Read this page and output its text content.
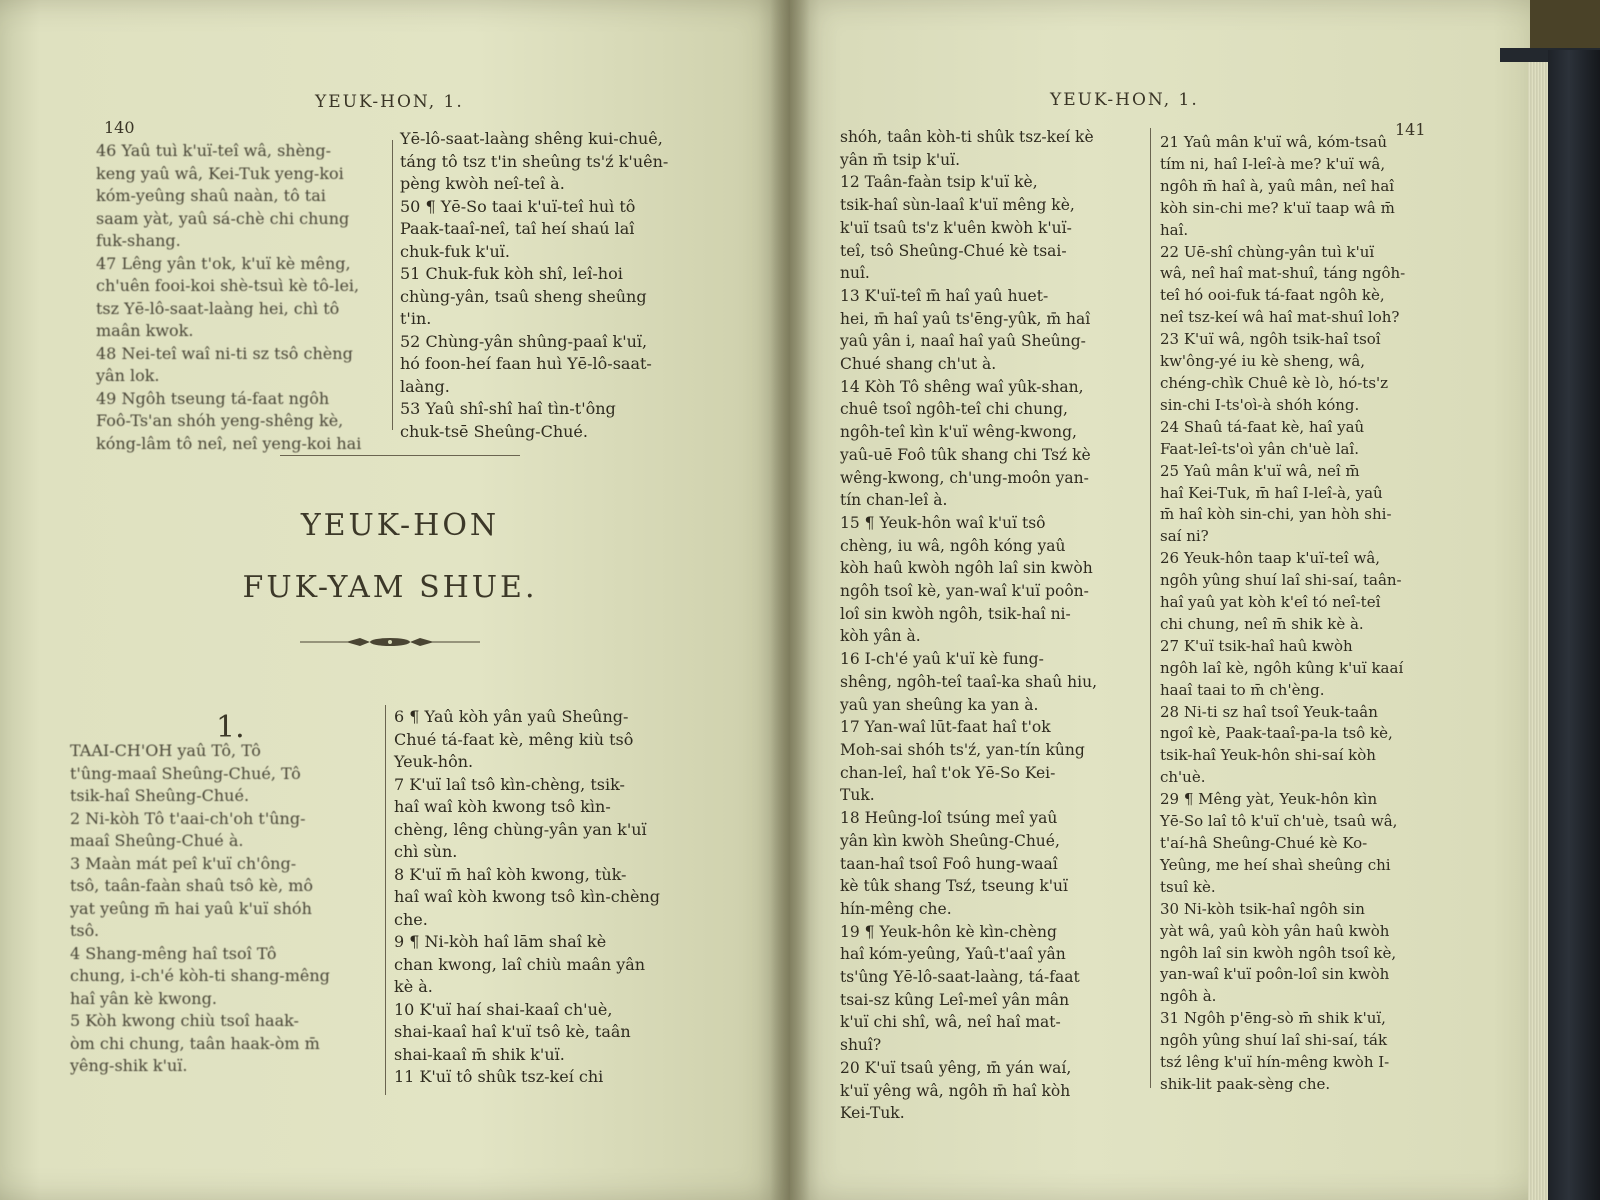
140
YEUK-HON, 1.

46 Yaû tuì k'uï-teî wâ, shèng-

keng yaû wâ, Kei-Tuk yeng-koi

kóm-yeûng shaû naàn, tô tai

saam yàt, yaû sá-chè chi chung

fuk-shang.

47 Lêng yân t'ok, k'uï kè mêng,

ch'uên fooi-koi shè-tsuì kè tô-lei,

tsz Yē-lô-saat-laàng hei, chì tô

maân kwok.

48 Nei-teî waî ni-ti sz tsô chèng

yân lok.

49 Ngôh tseung tá-faat ngôh

Foô-Ts'an shóh yeng-shêng kè,

kóng-lâm tô neî, neî yeng-koi hai

Yē-lô-saat-laàng shêng kui-chuê,

táng tô tsz t'in sheûng ts'ź k'uên-

pèng kwòh neî-teî à.

50 ¶ Yē-So taai k'uï-teî huì tô

Paak-taaî-neî, taî heí shaú laî

chuk-fuk k'uï.

51 Chuk-fuk kòh shî, leî-hoi

chùng-yân, tsaû sheng sheûng

t'in.

52 Chùng-yân shûng-paaî k'uï,

hó foon-heí faan huì Yē-lô-saat-

laàng.

53 Yaû shî-shî haî tìn-t'ông

chuk-tsē Sheûng-Chué.

YEUK-HON
FUK-YAM SHUE.
1.

TAAI-CH'OH yaû Tô, Tô

t'ûng-maaî Sheûng-Chué, Tô

tsik-haî Sheûng-Chué.

2 Ni-kòh Tô t'aai-ch'oh t'ûng-

maaî Sheûng-Chué à.

3 Maàn mát peî k'uï ch'ông-

tsô, taân-faàn shaû tsô kè, mô

yat yeûng m̄ hai yaû k'uï shóh

tsô.

4 Shang-mêng haî tsoî Tô

chung, i-ch'é kòh-ti shang-mêng

haî yân kè kwong.

5 Kòh kwong chiù tsoî haak-

òm chi chung, taân haak-òm m̄

yêng-shik k'uï.

6 ¶ Yaû kòh yân yaû Sheûng-

Chué tá-faat kè, mêng kiù tsô

Yeuk-hôn.

7 K'uï laî tsô kìn-chèng, tsik-

haî waî kòh kwong tsô kìn-

chèng, lêng chùng-yân yan k'uï

chì sùn.

8 K'uï m̄ haî kòh kwong, tùk-

haî waî kòh kwong tsô kìn-chèng

che.

9 ¶ Ni-kòh haî lām shaî kè

chan kwong, laî chiù maân yân

kè à.

10 K'uï haí shai-kaaî ch'uè,

shai-kaaî haî k'uï tsô kè, taân

shai-kaaî m̄ shik k'uï.

11 K'uï tô shûk tsz-keí chi

YEUK-HON, 1.
141

shóh, taân kòh-ti shûk tsz-keí kè

yân m̄ tsip k'uï.

12 Taân-faàn tsip k'uï kè,

tsik-haî sùn-laaî k'uï mêng kè,

k'uï tsaû ts'z k'uên kwòh k'uï-

teî, tsô Sheûng-Chué kè tsai-

nuî.

13 K'uï-teî m̄ haî yaû huet-

hei, m̄ haî yaû ts'ēng-yûk, m̄ haî

yaû yân i, naaî haî yaû Sheûng-

Chué shang ch'ut à.

14 Kòh Tô shêng waî yûk-shan,

chuê tsoî ngôh-teî chi chung,

ngôh-teî kìn k'uï wêng-kwong,

yaû-uē Foô tûk shang chi Tsź kè

wêng-kwong, ch'ung-moôn yan-

tín chan-leî à.

15 ¶ Yeuk-hôn waî k'uï tsô

chèng, iu wâ, ngôh kóng yaû

kòh haû kwòh ngôh laî sin kwòh

ngôh tsoî kè, yan-waî k'uï poôn-

loî sin kwòh ngôh, tsik-haî ni-

kòh yân à.

16 I-ch'é yaû k'uï kè fung-

shêng, ngôh-teî taaî-ka shaû hiu,

yaû yan sheûng ka yan à.

17 Yan-waî lūt-faat haî t'ok

Moh-sai shóh ts'ź, yan-tín kûng

chan-leî, haî t'ok Yē-So Kei-

Tuk.

18 Heûng-loî tsúng meî yaû

yân kìn kwòh Sheûng-Chué,

taan-haî tsoî Foô hung-waaî

kè tûk shang Tsź, tseung k'uï

hín-mêng che.

19 ¶ Yeuk-hôn kè kìn-chèng

haî kóm-yeûng, Yaû-t'aaî yân

ts'ûng Yē-lô-saat-laàng, tá-faat

tsai-sz kûng Leî-meî yân mân

k'uï chi shî, wâ, neî haî mat-

shuî?

20 K'uï tsaû yêng, m̄ yán waí,

k'uï yêng wâ, ngôh m̄ haî kòh

Kei-Tuk.

21 Yaû mân k'uï wâ, kóm-tsaû

tím ni, haî I-leî-à me? k'uï wâ,

ngôh m̄ haî à, yaû mân, neî haî

kòh sin-chi me? k'uï taap wâ m̄

haî.

22 Uē-shî chùng-yân tuì k'uï

wâ, neî haî mat-shuî, táng ngôh-

teî hó ooi-fuk tá-faat ngôh kè,

neî tsz-keí wâ haî mat-shuî loh?

23 K'uï wâ, ngôh tsik-haî tsoî

kw'ông-yé iu kè sheng, wâ,

chéng-chìk Chuê kè lò, hó-ts'z

sin-chi I-ts'oì-à shóh kóng.

24 Shaû tá-faat kè, haî yaû

Faat-leî-ts'oì yân ch'uè laî.

25 Yaû mân k'uï wâ, neî m̄

haî Kei-Tuk, m̄ haî I-leî-à, yaû

m̄ haî kòh sin-chi, yan hòh shi-

saí ni?

26 Yeuk-hôn taap k'uï-teî wâ,

ngôh yûng shuí laî shi-saí, taân-

haî yaû yat kòh k'eî tó neî-teî

chi chung, neî m̄ shik kè à.

27 K'uï tsik-haî haû kwòh

ngôh laî kè, ngôh kûng k'uï kaaí

haaî taai to m̄ ch'èng.

28 Ni-ti sz haî tsoî Yeuk-taân

ngoî kè, Paak-taaî-pa-la tsô kè,

tsik-haî Yeuk-hôn shi-saí kòh

ch'uè.

29 ¶ Mêng yàt, Yeuk-hôn kìn

Yē-So laî tô k'uï ch'uè, tsaû wâ,

t'aí-hâ Sheûng-Chué kè Ko-

Yeûng, me heí shaì sheûng chi

tsuî kè.

30 Ni-kòh tsik-haî ngôh sin

yàt wâ, yaû kòh yân haû kwòh

ngôh laî sin kwòh ngôh tsoî kè,

yan-waî k'uï poôn-loî sin kwòh

ngôh à.

31 Ngôh p'ēng-sò m̄ shik k'uï,

ngôh yûng shuí laî shi-saí, ták

tsź lêng k'uï hín-mêng kwòh I-

shik-lit paak-sèng che.
